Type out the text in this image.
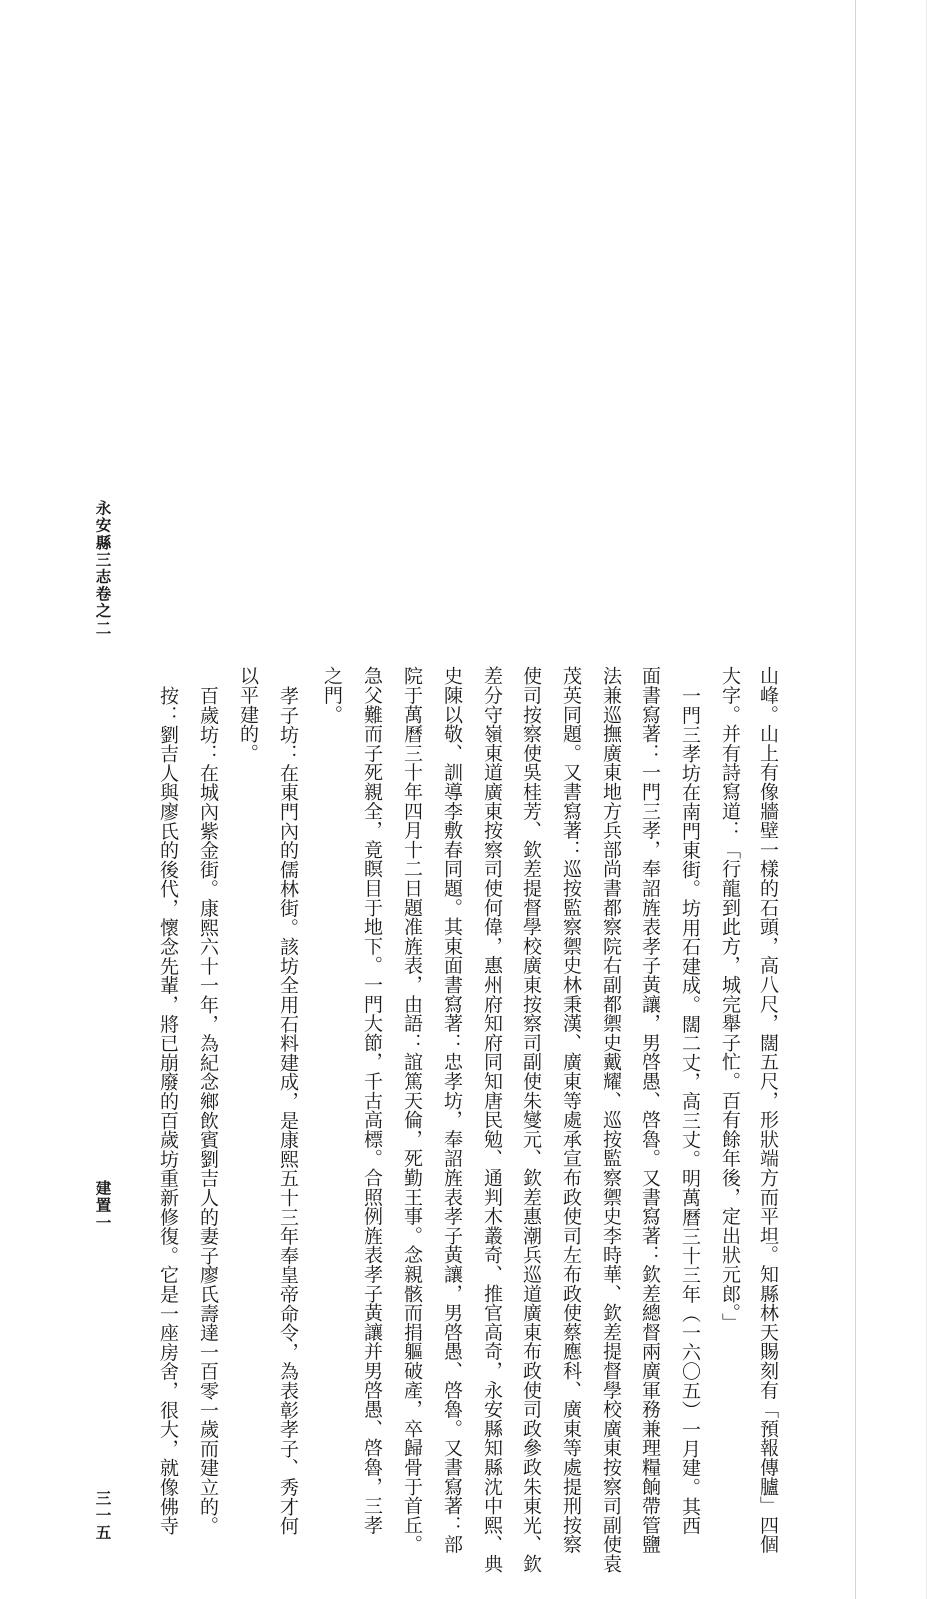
山峰。山上有像牆壁一樣的石頭，高八尺，闊五尺，形狀端方而平坦。知縣林天賜刻有「預報傳臚」四個
大字。并有詩寫道：「行龍到此方，城完舉子忙。百有餘年後，定出狀元郎。」
一門三孝坊在南門東街。坊用石建成。闊二丈，高三丈。明萬曆三十三年（一六〇五）一月建。其西
面書寫著：一門三孝，奉詔旌表孝子黃讓，男啓愚、啓魯。又書寫著：欽差總督兩廣軍務兼理糧餉帶管鹽
法兼巡撫廣東地方兵部尚書都察院右副都禦史戴耀、巡按監察禦史李時華、欽差提督學校廣東按察司副使袁
茂英同題。又書寫著：巡按監察禦史林秉漢、廣東等處承宣布政使司左布政使蔡應科、廣東等處提刑按察
使司按察使吳桂芳、欽差提督學校廣東按察司副使朱燮元、欽差惠潮兵巡道廣東布政使司政參政朱東光、欽
差分守嶺東道廣東按察司使何偉，惠州府知府同知唐民勉、通判木叢奇、推官高奇，永安縣知縣沈中熙、典
史陳以敬、訓導李敷春同題。其東面書寫著：忠孝坊，奉詔旌表孝子黃讓，男啓愚、啓魯。又書寫著：部
院于萬曆三十年四月十二日題准旌表，由語：誼篤天倫，死勤王事。念親骸而捐軀破產，卒歸骨于首丘。
急父難而子死親全，竟瞑目于地下。一門大節，千古高標。合照例旌表孝子黃讓并男啓愚、啓魯，三孝
之門。
孝子坊：在東門內的儒林街。該坊全用石料建成，是康熙五十三年奉皇帝命令，為表彰孝子、秀才何
以平建的。
百歲坊：在城內紫金街。康熙六十一年，為紀念鄉飲賓劉吉人的妻子廖氏壽達一百零一歲而建立的。
按：劉吉人與廖氏的後代，懷念先輩，將已崩廢的百歲坊重新修復。它是一座房舍，很大，就像佛寺
永安縣三志卷之二
建置一
三一五
